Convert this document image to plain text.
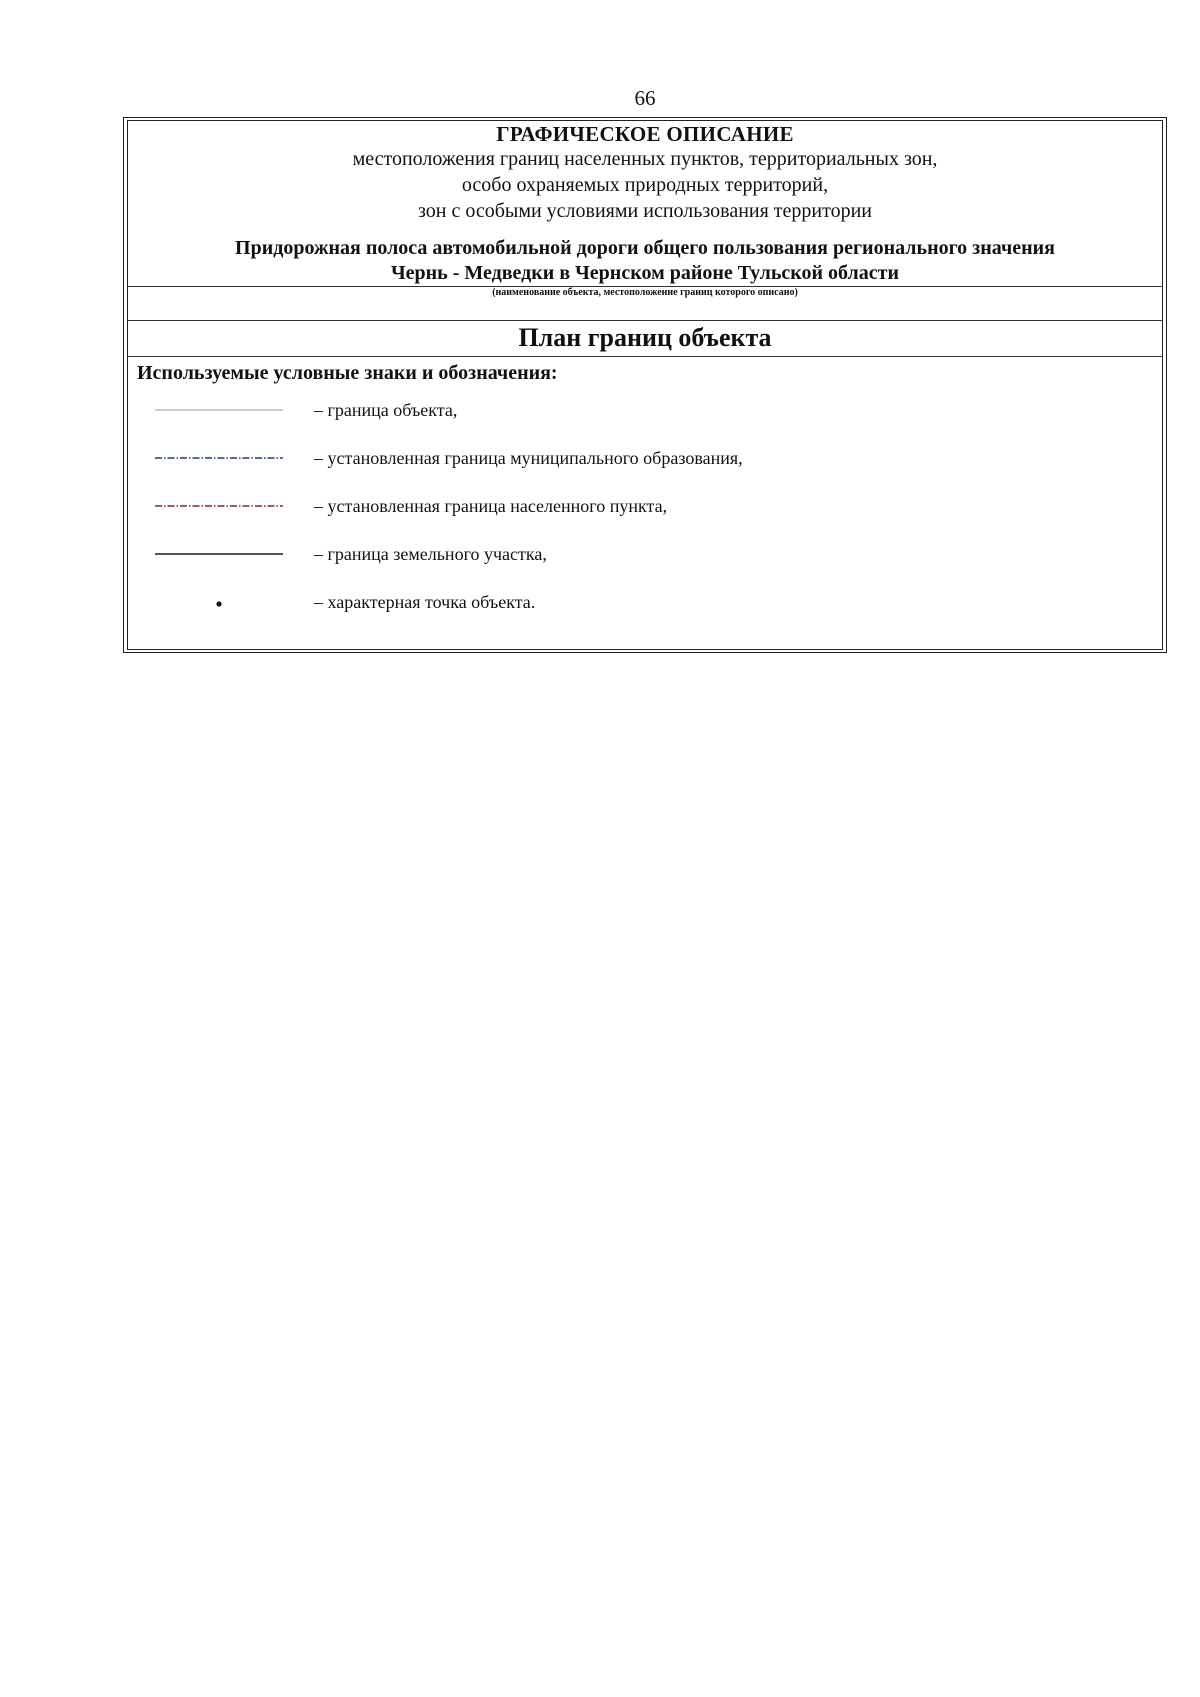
66
ГРАФИЧЕСКОЕ ОПИСАНИЕ
местоположения границ населенных пунктов, территориальных зон,
особо охраняемых природных территорий,
зон с особыми условиями использования территории
Придорожная полоса автомобильной дороги общего пользования регионального значения
Чернь - Медведки в Чернском районе Тульской области
(наименование объекта, местоположение границ которого описано)
План границ объекта
Используемые условные знаки и обозначения:
– граница объекта,
– установленная граница муниципального образования,
– установленная граница населенного пункта,
– граница земельного участка,
– характерная точка объекта.
